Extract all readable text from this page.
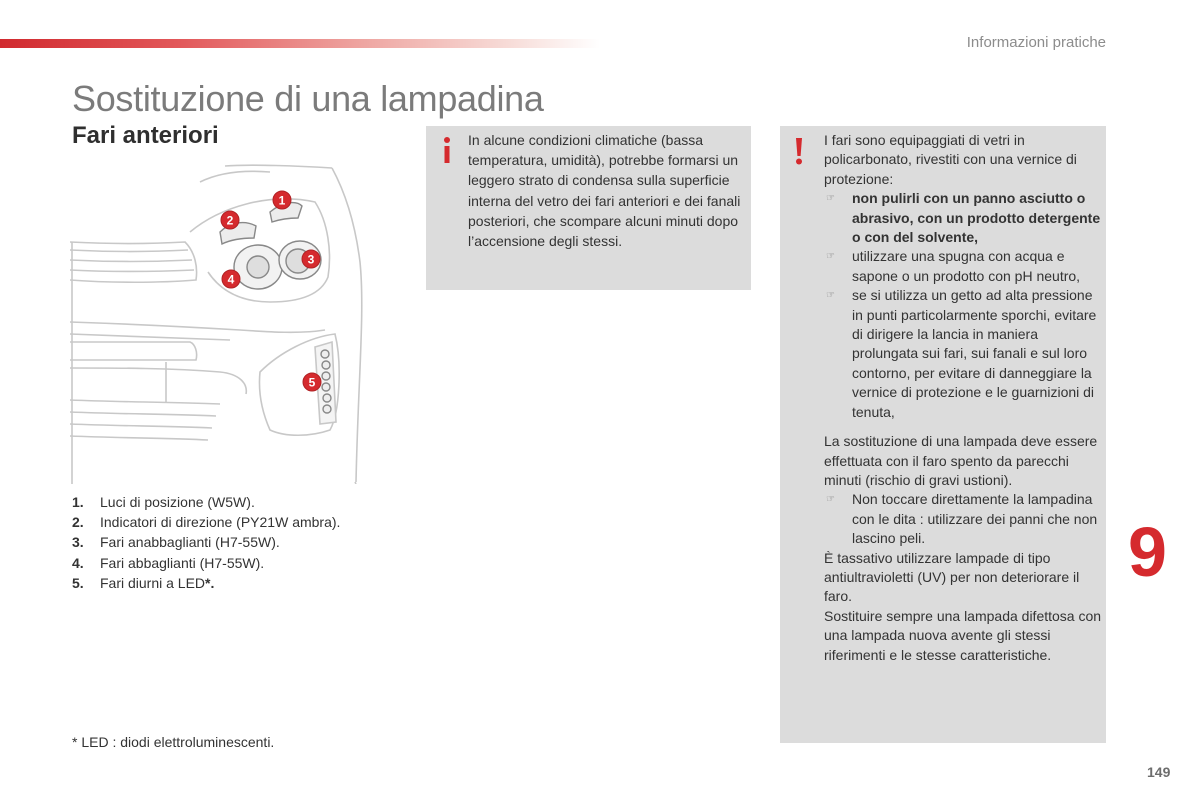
Informazioni pratiche
Sostituzione di una lampadina
Fari anteriori
1
2
3
4
5
1.	Luci di posizione (W5W).
2.	Indicatori di direzione (PY21W ambra).
3.	Fari anabbaglianti (H7-55W).
4.	Fari abbaglianti (H7-55W).
5.	Fari diurni a LED*.
* LED : diodi elettroluminescenti.
In alcune condizioni climatiche (bassa temperatura, umidità), potrebbe formarsi un leggero strato di condensa sulla superficie interna del vetro dei fari anteriori e dei fanali posteriori, che scompare alcuni minuti dopo l’accensione degli stessi.
I fari sono equipaggiati di vetri in policarbonato, rivestiti con una vernice di protezione:
☞	non pulirli con un panno asciutto o abrasivo, con un prodotto detergente o con del solvente,
☞	utilizzare una spugna con acqua e sapone o un prodotto con pH neutro,
☞	se si utilizza un getto ad alta pressione in punti particolarmente sporchi, evitare di dirigere la lancia in maniera prolungata sui fari, sui fanali e sul loro contorno, per evitare di danneggiare la vernice di protezione e le guarnizioni di tenuta,
La sostituzione di una lampada deve essere effettuata con il faro spento da parecchi minuti (rischio di gravi ustioni).
☞	Non toccare direttamente la lampadina con le dita : utilizzare dei panni che non lascino peli.
È tassativo utilizzare lampade di tipo antiultravioletti (UV) per non deteriorare il faro.
Sostituire sempre una lampada difettosa con una lampada nuova avente gli stessi riferimenti e le stesse caratteristiche.
9
149
